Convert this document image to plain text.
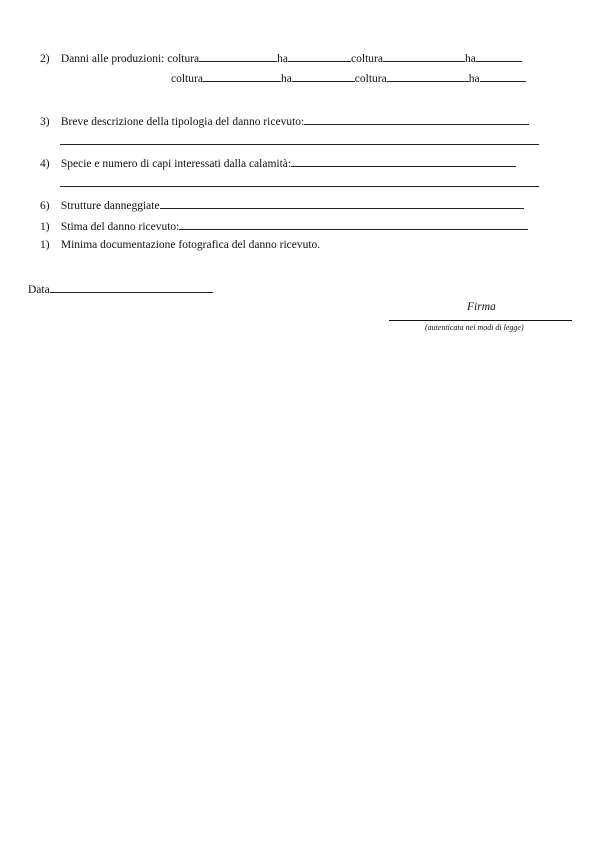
2) Danni alle produzioni: coltura	ha	coltura	ha
coltura	ha	coltura	ha
3) Breve descrizione della tipologia del danno ricevuto:
4) Specie e numero di capi interessati dalla calamità:
6) Strutture danneggiate
1) Stima del danno ricevuto:
1) Minima documentazione fotografica del danno ricevuto.
Data
Firma
(autenticata nei modi di legge)
